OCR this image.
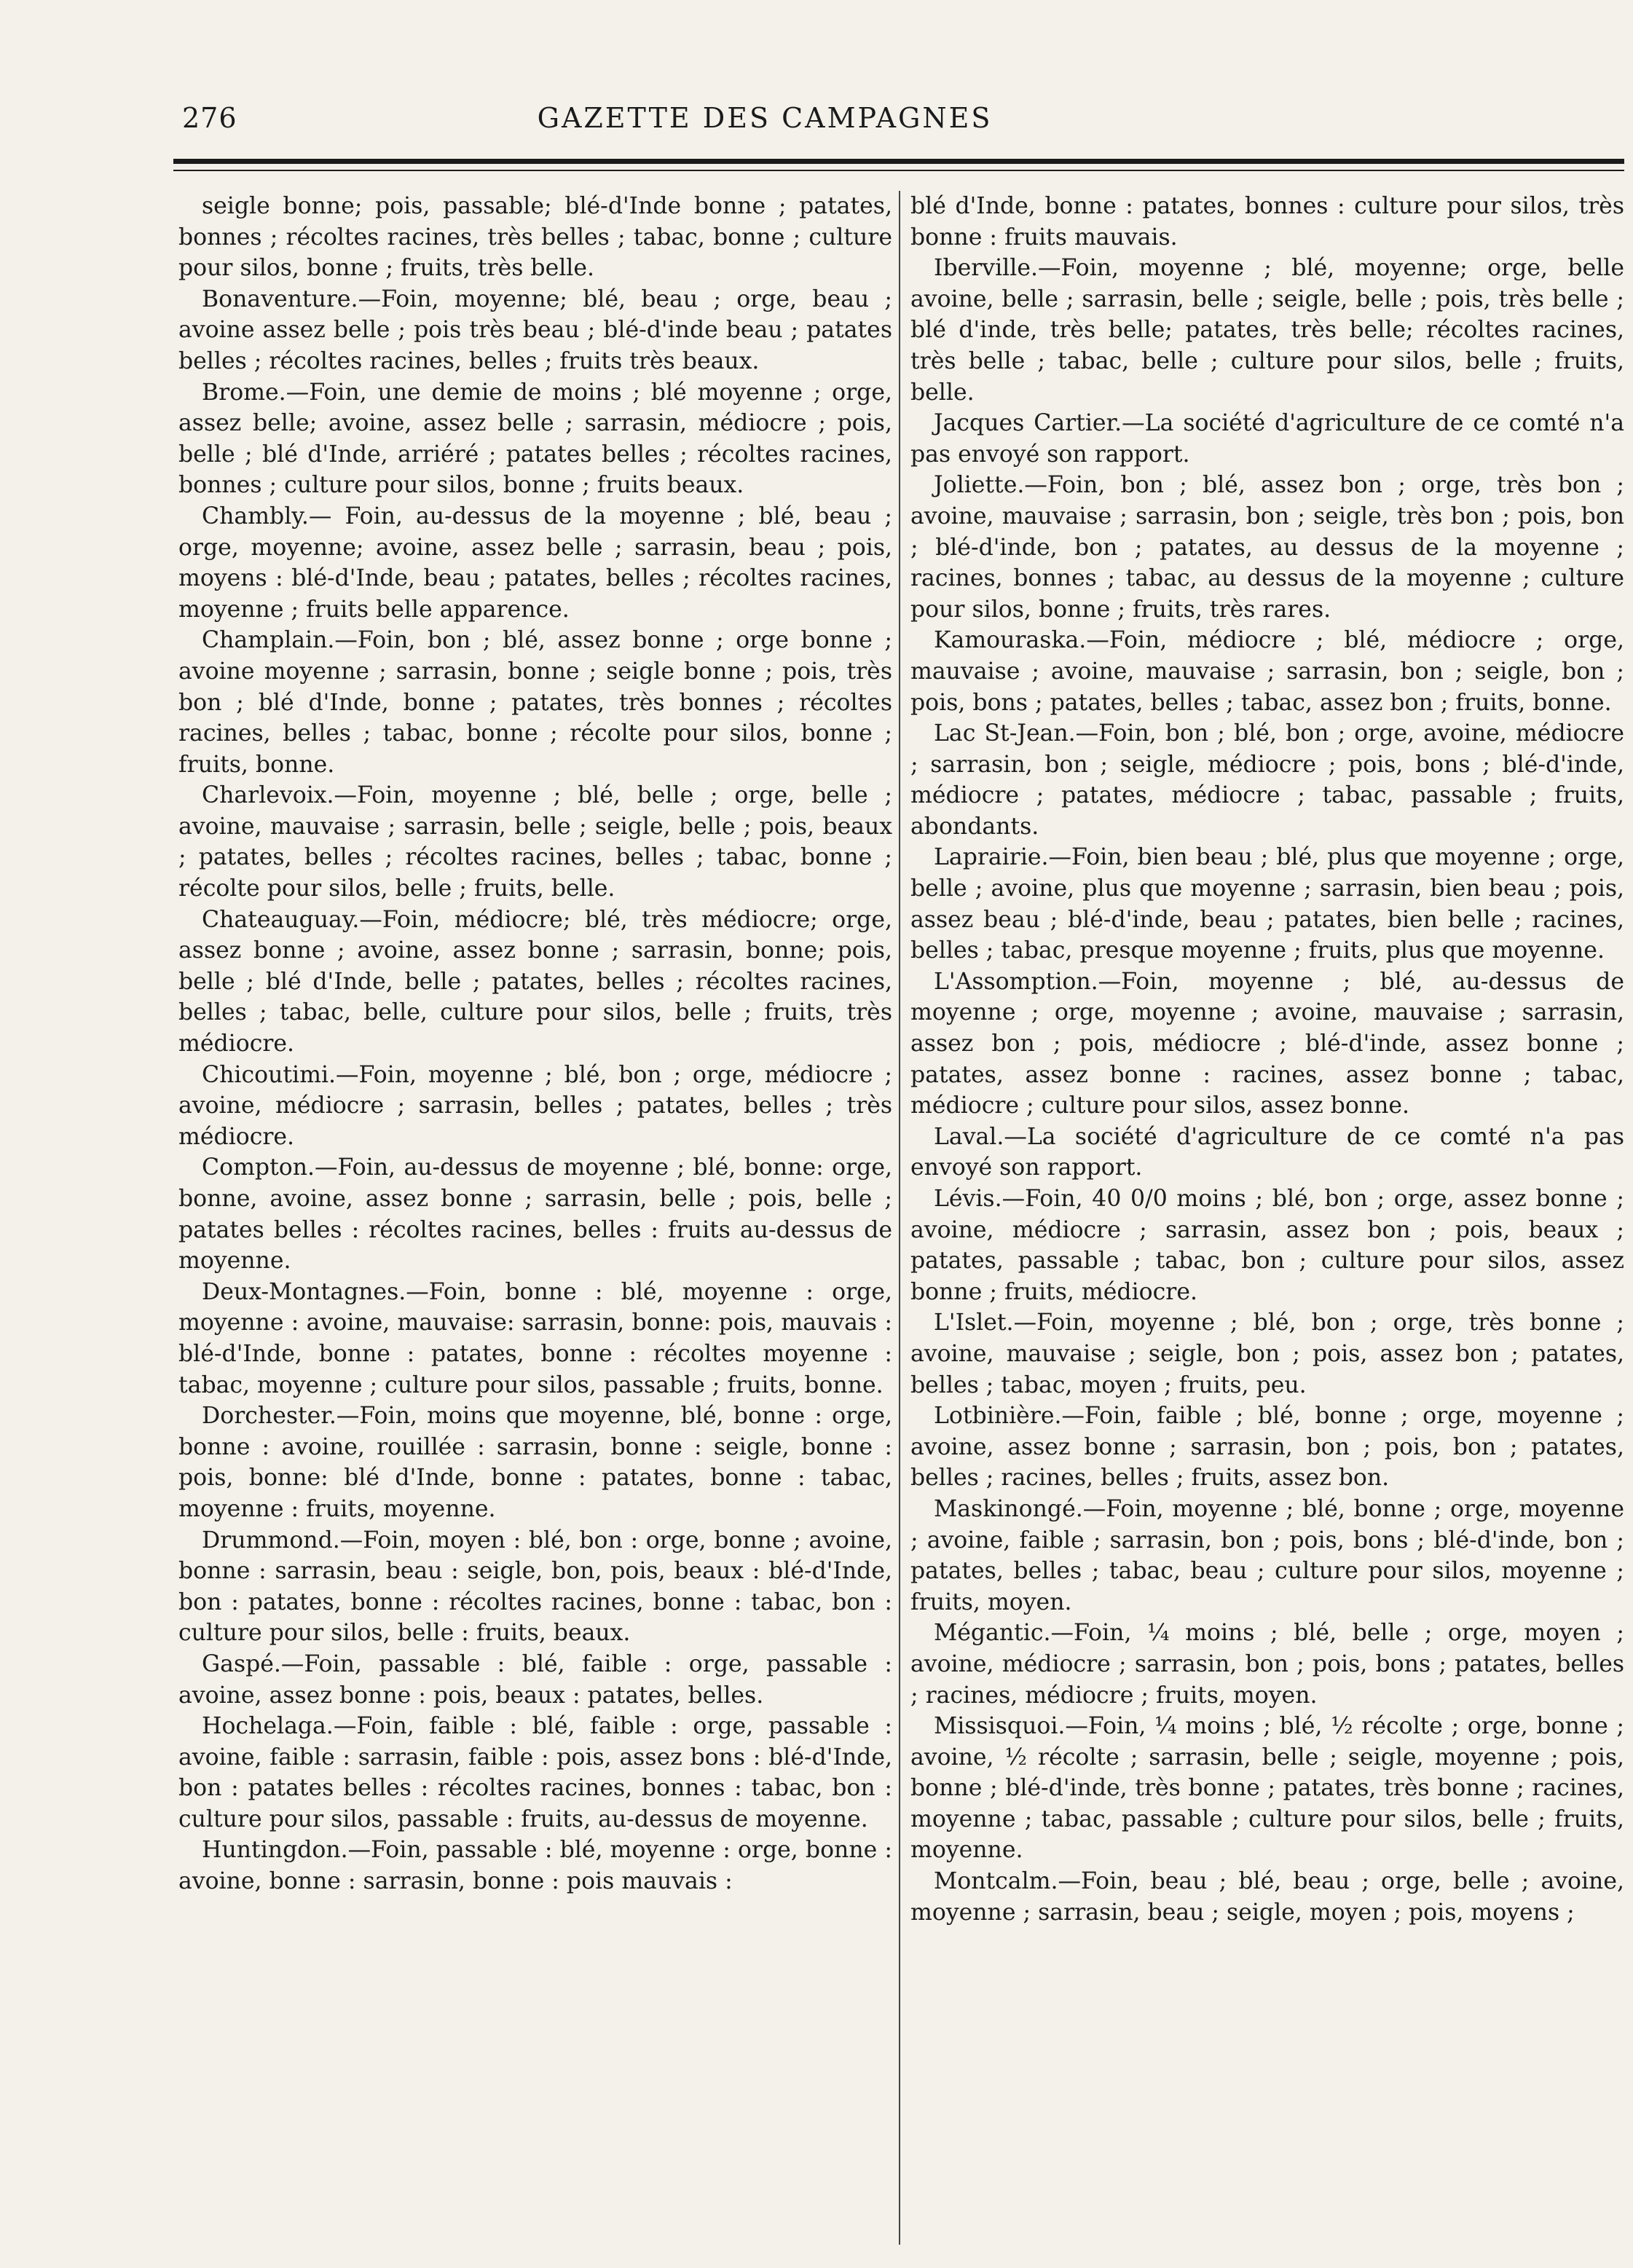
276	GAZETTE DES CAMPAGNES

seigle bonne; pois, passable; blé-d'Inde bonne ; patates, bonnes ; récoltes racines, très belles ; tabac, bonne ; culture pour silos, bonne ; fruits, très belle.

Bonaventure.—Foin, moyenne; blé, beau ; orge, beau ; avoine assez belle ; pois très beau ; blé-d'inde beau ; patates belles ; récoltes racines, belles ; fruits très beaux.

Brome.—Foin, une demie de moins ; blé moyenne ; orge, assez belle; avoine, assez belle ; sarrasin, médiocre ; pois, belle ; blé d'Inde, arriéré ; patates belles ; récoltes racines, bonnes ; culture pour silos, bonne ; fruits beaux.

Chambly.— Foin, au-dessus de la moyenne ; blé, beau ; orge, moyenne; avoine, assez belle ; sarrasin, beau ; pois, moyens : blé-d'Inde, beau ; patates, belles ; récoltes racines, moyenne ; fruits belle apparence.

Champlain.—Foin, bon ; blé, assez bonne ; orge bonne ; avoine moyenne ; sarrasin, bonne ; seigle bonne ; pois, très bon ; blé d'Inde, bonne ; patates, très bonnes ; récoltes racines, belles ; tabac, bonne ; récolte pour silos, bonne ; fruits, bonne.

Charlevoix.—Foin, moyenne ; blé, belle ; orge, belle ; avoine, mauvaise ; sarrasin, belle ; seigle, belle ; pois, beaux ; patates, belles ; récoltes racines, belles ; tabac, bonne ; récolte pour silos, belle ; fruits, belle.

Chateauguay.—Foin, médiocre; blé, très médiocre; orge, assez bonne ; avoine, assez bonne ; sarrasin, bonne; pois, belle ; blé d'Inde, belle ; patates, belles ; récoltes racines, belles ; tabac, belle, culture pour silos, belle ; fruits, très médiocre.

Chicoutimi.—Foin, moyenne ; blé, bon ; orge, médiocre ; avoine, médiocre ; sarrasin, belles ; patates, belles ; très médiocre.

Compton.—Foin, au-dessus de moyenne ; blé, bonne: orge, bonne, avoine, assez bonne ; sarrasin, belle ; pois, belle ; patates belles : récoltes racines, belles : fruits au-dessus de moyenne.

Deux-Montagnes.—Foin, bonne : blé, moyenne : orge, moyenne : avoine, mauvaise: sarrasin, bonne: pois, mauvais : blé-d'Inde, bonne : patates, bonne : récoltes moyenne : tabac, moyenne ; culture pour silos, passable ; fruits, bonne.

Dorchester.—Foin, moins que moyenne, blé, bonne : orge, bonne : avoine, rouillée : sarrasin, bonne : seigle, bonne : pois, bonne: blé d'Inde, bonne : patates, bonne : tabac, moyenne : fruits, moyenne.

Drummond.—Foin, moyen : blé, bon : orge, bonne ; avoine, bonne : sarrasin, beau : seigle, bon, pois, beaux : blé-d'Inde, bon : patates, bonne : récoltes racines, bonne : tabac, bon : culture pour silos, belle : fruits, beaux.

Gaspé.—Foin, passable : blé, faible : orge, passable : avoine, assez bonne : pois, beaux : patates, belles.

Hochelaga.—Foin, faible : blé, faible : orge, passable : avoine, faible : sarrasin, faible : pois, assez bons : blé-d'Inde, bon : patates belles : récoltes racines, bonnes : tabac, bon : culture pour silos, passable : fruits, au-dessus de moyenne.

Huntingdon.—Foin, passable : blé, moyenne : orge, bonne : avoine, bonne : sarrasin, bonne : pois mauvais :

blé d'Inde, bonne : patates, bonnes : culture pour silos, très bonne : fruits mauvais.

Iberville.—Foin, moyenne ; blé, moyenne; orge, belle avoine, belle ; sarrasin, belle ; seigle, belle ; pois, très belle ; blé d'inde, très belle; patates, très belle; récoltes racines, très belle ; tabac, belle ; culture pour silos, belle ; fruits, belle.

Jacques Cartier.—La société d'agriculture de ce comté n'a pas envoyé son rapport.

Joliette.—Foin, bon ; blé, assez bon ; orge, très bon ; avoine, mauvaise ; sarrasin, bon ; seigle, très bon ; pois, bon ; blé-d'inde, bon ; patates, au dessus de la moyenne ; racines, bonnes ; tabac, au dessus de la moyenne ; culture pour silos, bonne ; fruits, très rares.

Kamouraska.—Foin, médiocre ; blé, médiocre ; orge, mauvaise ; avoine, mauvaise ; sarrasin, bon ; seigle, bon ; pois, bons ; patates, belles ; tabac, assez bon ; fruits, bonne.

Lac St-Jean.—Foin, bon ; blé, bon ; orge, avoine, médiocre ; sarrasin, bon ; seigle, médiocre ; pois, bons ; blé-d'inde, médiocre ; patates, médiocre ; tabac, passable ; fruits, abondants.

Laprairie.—Foin, bien beau ; blé, plus que moyenne ; orge, belle ; avoine, plus que moyenne ; sarrasin, bien beau ; pois, assez beau ; blé-d'inde, beau ; patates, bien belle ; racines, belles ; tabac, presque moyenne ; fruits, plus que moyenne.

L'Assomption.—Foin, moyenne ; blé, au-dessus de moyenne ; orge, moyenne ; avoine, mauvaise ; sarrasin, assez bon ; pois, médiocre ; blé-d'inde, assez bonne ; patates, assez bonne : racines, assez bonne ; tabac, médiocre ; culture pour silos, assez bonne.

Laval.—La société d'agriculture de ce comté n'a pas envoyé son rapport.

Lévis.—Foin, 40 0/0 moins ; blé, bon ; orge, assez bonne ; avoine, médiocre ; sarrasin, assez bon ; pois, beaux ; patates, passable ; tabac, bon ; culture pour silos, assez bonne ; fruits, médiocre.

L'Islet.—Foin, moyenne ; blé, bon ; orge, très bonne ; avoine, mauvaise ; seigle, bon ; pois, assez bon ; patates, belles ; tabac, moyen ; fruits, peu.

Lotbinière.—Foin, faible ; blé, bonne ; orge, moyenne ; avoine, assez bonne ; sarrasin, bon ; pois, bon ; patates, belles ; racines, belles ; fruits, assez bon.

Maskinongé.—Foin, moyenne ; blé, bonne ; orge, moyenne ; avoine, faible ; sarrasin, bon ; pois, bons ; blé-d'inde, bon ; patates, belles ; tabac, beau ; culture pour silos, moyenne ; fruits, moyen.

Mégantic.—Foin, ¼ moins ; blé, belle ; orge, moyen ; avoine, médiocre ; sarrasin, bon ; pois, bons ; patates, belles ; racines, médiocre ; fruits, moyen.

Missisquoi.—Foin, ¼ moins ; blé, ½ récolte ; orge, bonne ; avoine, ½ récolte ; sarrasin, belle ; seigle, moyenne ; pois, bonne ; blé-d'inde, très bonne ; patates, très bonne ; racines, moyenne ; tabac, passable ; culture pour silos, belle ; fruits, moyenne.

Montcalm.—Foin, beau ; blé, beau ; orge, belle ; avoine, moyenne ; sarrasin, beau ; seigle, moyen ; pois, moyens ;
